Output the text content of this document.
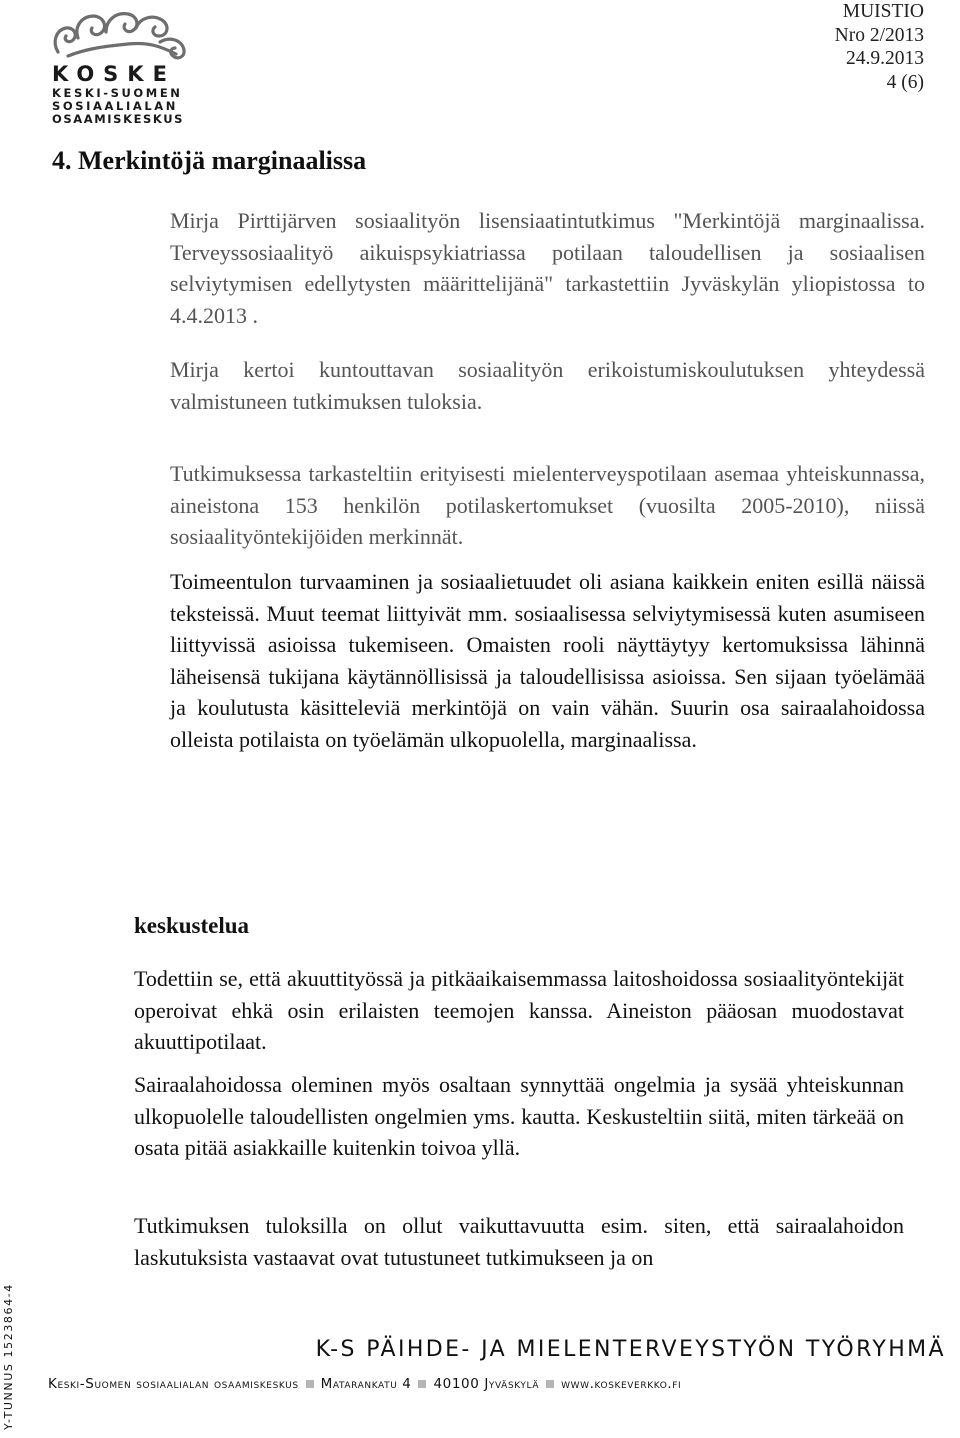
KOSKE
KESKI-SUOMEN
SOSIAALIALAN
OSAAMISKESKUS
MUISTIO
Nro 2/2013
24.9.2013
4 (6)
4. Merkintöjä marginaalissa

Mirja Pirttijärven sosiaalityön lisensiaatintutkimus "Merkintöjä marginaalissa. Terveyssosiaalityö aikuispsykiatriassa potilaan taloudellisen ja sosiaalisen selviytymisen edellytysten määrittelijänä" tarkastettiin Jyväskylän yliopistossa to 4.4.2013 .

Mirja kertoi kuntouttavan sosiaalityön erikoistumiskoulutuksen yhteydessä valmistuneen tutkimuksen tuloksia.

Tutkimuksessa tarkasteltiin erityisesti mielenterveyspotilaan asemaa yhteiskunnassa, aineistona 153 henkilön potilaskertomukset (vuosilta 2005-2010), niissä sosiaalityöntekijöiden merkinnät.

Toimeentulon turvaaminen ja sosiaalietuudet oli asiana kaikkein eniten esillä näissä teksteissä. Muut teemat liittyivät mm. sosiaalisessa selviytymisessä kuten asumiseen liittyvissä asioissa tukemiseen. Omaisten rooli näyttäytyy kertomuksissa lähinnä läheisensä tukijana käytännöllisissä ja taloudellisissa asioissa. Sen sijaan työelämää ja koulutusta käsitteleviä merkintöjä on vain vähän. Suurin osa sairaalahoidossa olleista potilaista on työelämän ulkopuolella, marginaalissa.

keskustelua

Todettiin se, että akuuttityössä ja pitkäaikaisemmassa laitoshoidossa sosiaalityöntekijät operoivat ehkä osin erilaisten teemojen kanssa. Aineiston pääosan muodostavat akuuttipotilaat.

Sairaalahoidossa oleminen myös osaltaan synnyttää ongelmia ja sysää yhteiskunnan ulkopuolelle taloudellisten ongelmien yms. kautta. Keskusteltiin siitä, miten tärkeää on osata pitää asiakkaille kuitenkin toivoa yllä.

Tutkimuksen tuloksilla on ollut vaikuttavuutta esim. siten, että sairaalahoidon laskutuksista vastaavat ovat tutustuneet tutkimukseen ja on

Y-TUNNUS 1523864-4	K-S PÄIHDE- JA MIELENTERVEYSTYÖN TYÖRYHMÄ
Keski-Suomen sosiaalialan osaamiskeskus Matarankatu 4 40100 Jyväskylä www.koskeverkko.fi
